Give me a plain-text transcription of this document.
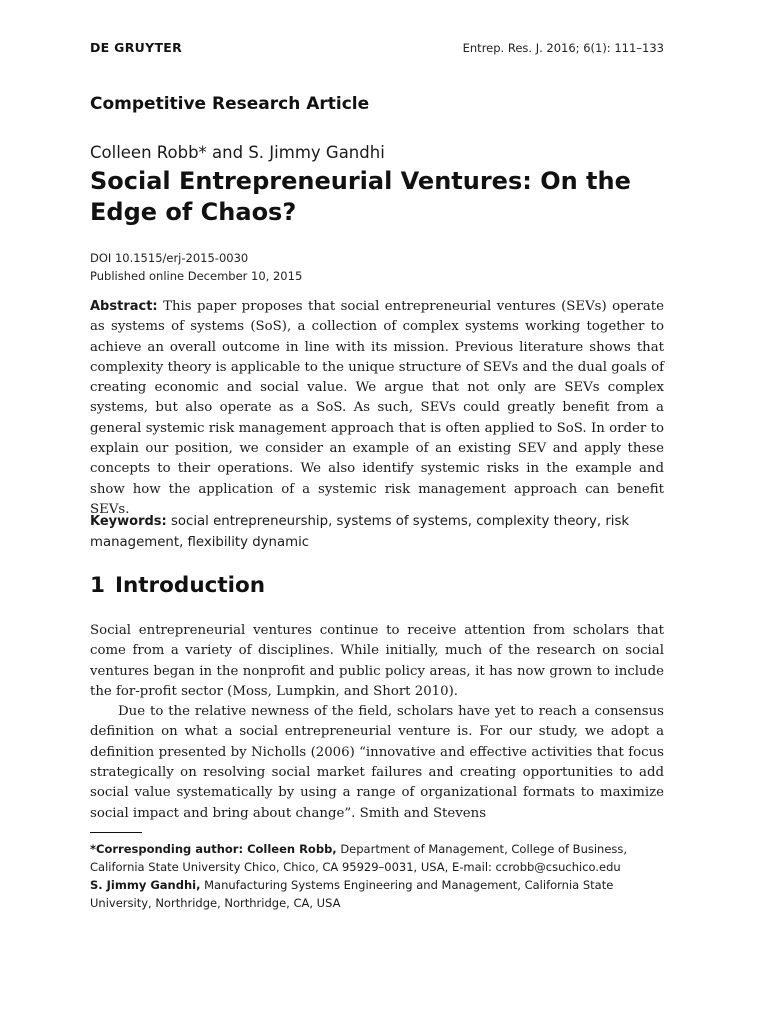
DE GRUYTER	Entrep. Res. J. 2016; 6(1): 111–133
Competitive Research Article
Colleen Robb* and S. Jimmy Gandhi
Social Entrepreneurial Ventures: On the Edge of Chaos?
DOI 10.1515/erj-2015-0030
Published online December 10, 2015

Abstract: This paper proposes that social entrepreneurial ventures (SEVs) operate as systems of systems (SoS), a collection of complex systems working together to achieve an overall outcome in line with its mission. Previous literature shows that complexity theory is applicable to the unique structure of SEVs and the dual goals of creating economic and social value. We argue that not only are SEVs complex systems, but also operate as a SoS. As such, SEVs could greatly benefit from a general systemic risk management approach that is often applied to SoS. In order to explain our position, we consider an example of an existing SEV and apply these concepts to their operations. We also identify systemic risks in the example and show how the application of a systemic risk management approach can benefit SEVs.

Keywords: social entrepreneurship, systems of systems, complexity theory, risk management, flexibility dynamic

1 Introduction

Social entrepreneurial ventures continue to receive attention from scholars that come from a variety of disciplines. While initially, much of the research on social ventures began in the nonprofit and public policy areas, it has now grown to include the for-profit sector (Moss, Lumpkin, and Short 2010).

Due to the relative newness of the field, scholars have yet to reach a consensus definition on what a social entrepreneurial venture is. For our study, we adopt a definition presented by Nicholls (2006) “innovative and effective activities that focus strategically on resolving social market failures and creating opportunities to add social value systematically by using a range of organizational formats to maximize social impact and bring about change”. Smith and Stevens

*Corresponding author: Colleen Robb, Department of Management, College of Business, California State University Chico, Chico, CA 95929–0031, USA, E-mail: ccrobb@csuchico.edu

S. Jimmy Gandhi, Manufacturing Systems Engineering and Management, California State University, Northridge, Northridge, CA, USA
